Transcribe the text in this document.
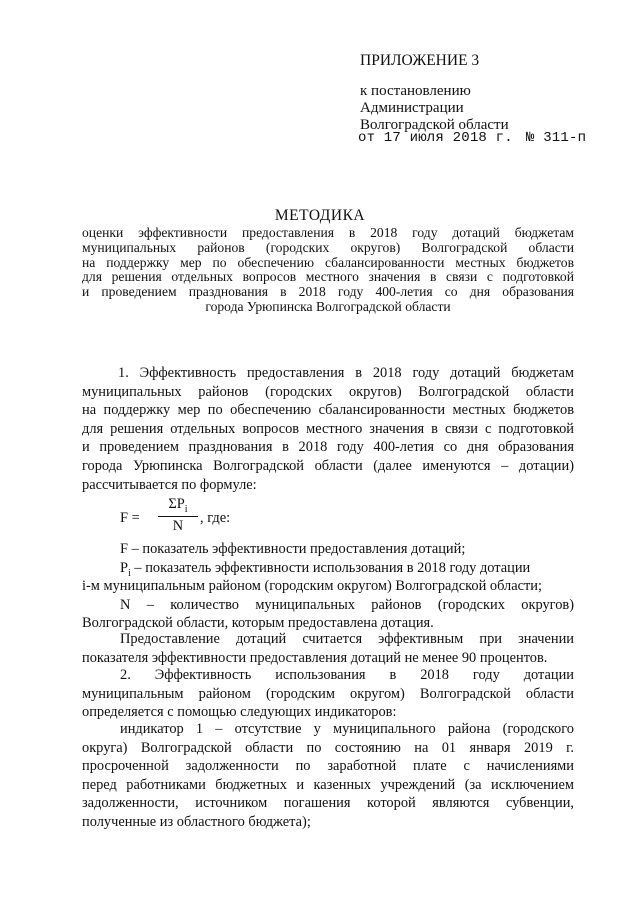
ПРИЛОЖЕНИЕ 3
к постановлению
Администрации
Волгоградской области
от 17 июля 2018 г. № 311-п
МЕТОДИКА
оценки эффективности предоставления в 2018 году дотаций бюджетам
муниципальных районов (городских округов) Волгоградской области
на поддержку мер по обеспечению сбалансированности местных бюджетов
для решения отдельных вопросов местного значения в связи с подготовкой
и проведением празднования в 2018 году 400-летия со дня образования
города Урюпинска Волгоградской области
1. Эффективность предоставления в 2018 году дотаций бюджетам
муниципальных районов (городских округов) Волгоградской области
на поддержку мер по обеспечению сбалансированности местных бюджетов
для решения отдельных вопросов местного значения в связи с подготовкой
и проведением празднования в 2018 году 400-летия со дня образования
города Урюпинска Волгоградской области (далее именуются – дотации)
рассчитывается по формуле:
F =
$\Sigma P_i$
N	, где:
F – показатель эффективности предоставления дотаций;
$P_i$ – показатель эффективности использования в 2018 году дотации
i-м муниципальным районом (городским округом) Волгоградской области;
N – количество муниципальных районов (городских округов)
Волгоградской области, которым предоставлена дотация.
Предоставление дотаций считается эффективным при значении
показателя эффективности предоставления дотаций не менее 90 процентов.
2. Эффективность использования в 2018 году дотации
муниципальным районом (городским округом) Волгоградской области
определяется с помощью следующих индикаторов:
индикатор 1 – отсутствие у муниципального района (городского
округа) Волгоградской области по состоянию на 01 января 2019 г.
просроченной задолженности по заработной плате с начислениями
перед работниками бюджетных и казенных учреждений (за исключением
задолженности, источником погашения которой являются субвенции,
полученные из областного бюджета);
